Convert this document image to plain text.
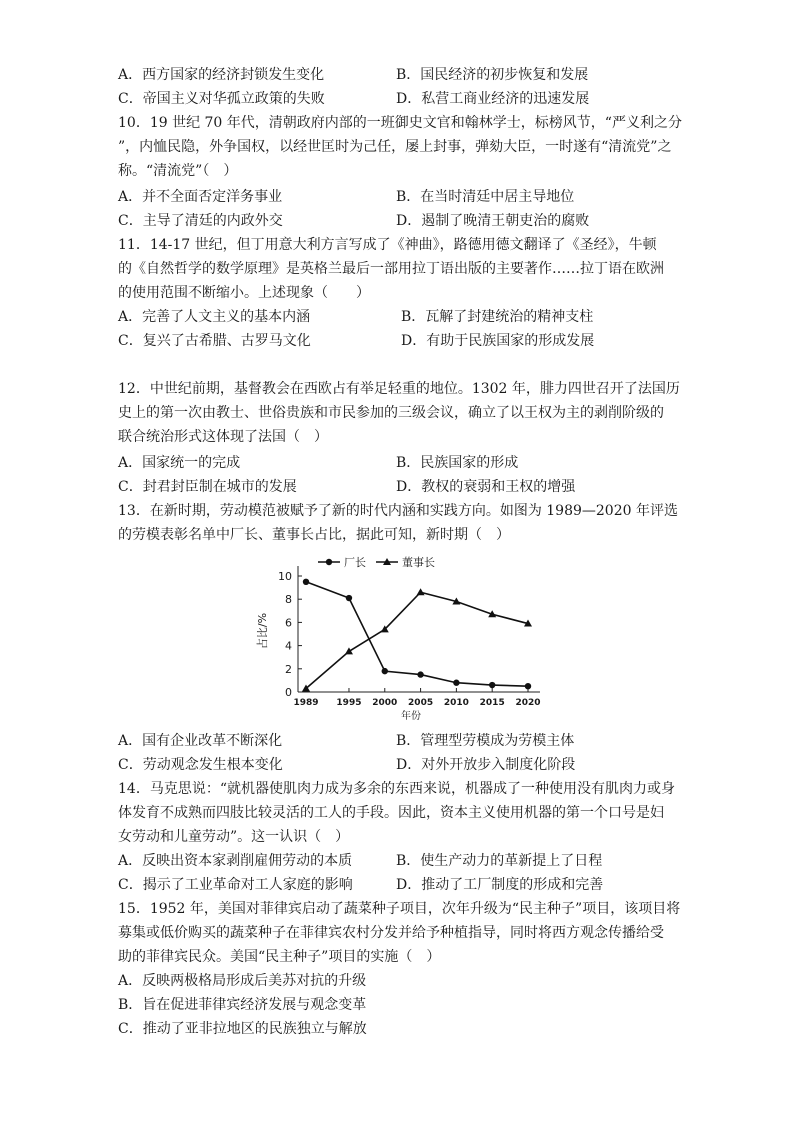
A．西方国家的经济封锁发生变化	B．国民经济的初步恢复和发展
C．帝国主义对华孤立政策的失败	D．私营工商业经济的迅速发展
10．19 世纪 70 年代，清朝政府内部的一班御史文官和翰林学士，标榜风节，“严义利之分
”，内恤民隐，外争国权，以经世匡时为己任，屡上封事，弹劾大臣，一时遂有“清流党”之
称。“清流党”（　）
A．并不全面否定洋务事业	B．在当时清廷中居主导地位
C．主导了清廷的内政外交	D．遏制了晚清王朝吏治的腐败
11．14-17 世纪，但丁用意大利方言写成了《神曲》，路德用德文翻译了《圣经》，牛顿
的《自然哲学的数学原理》是英格兰最后一部用拉丁语出版的主要著作……拉丁语在欧洲
的使用范围不断缩小。上述现象（　　）
A．完善了人文主义的基本内涵	B．瓦解了封建统治的精神支柱
C．复兴了古希腊、古罗马文化	D．有助于民族国家的形成发展
12．中世纪前期，基督教会在西欧占有举足轻重的地位。1302 年，腓力四世召开了法国历
史上的第一次由教士、世俗贵族和市民参加的三级会议，确立了以王权为主的剥削阶级的
联合统治形式这体现了法国（　）
A．国家统一的完成	B．民族国家的形成
C．封君封臣制在城市的发展	D．教权的衰弱和王权的增强
13．在新时期，劳动模范被赋予了新的时代内涵和实践方向。如图为 1989—2020 年评选
的劳模表彰名单中厂长、董事长占比，据此可知，新时期（　）
0
2
4
6
8
10
1989 1995 2000 2005 2010 2015 2020
年份
占比/%
厂长	董事长
A．国有企业改革不断深化	B．管理型劳模成为劳模主体
C．劳动观念发生根本变化	D．对外开放步入制度化阶段
14．马克思说：“就机器使肌肉力成为多余的东西来说，机器成了一种使用没有肌肉力或身
体发育不成熟而四肢比较灵活的工人的手段。因此，资本主义使用机器的第一个口号是妇
女劳动和儿童劳动”。这一认识（　）
A．反映出资本家剥削雇佣劳动的本质	B．使生产动力的革新提上了日程
C．揭示了工业革命对工人家庭的影响	D．推动了工厂制度的形成和完善
15．1952 年，美国对菲律宾启动了蔬菜种子项目，次年升级为“民主种子”项目，该项目将
募集或低价购买的蔬菜种子在菲律宾农村分发并给予种植指导，同时将西方观念传播给受
助的菲律宾民众。美国“民主种子”项目的实施（　）
A．反映两极格局形成后美苏对抗的升级
B．旨在促进菲律宾经济发展与观念变革
C．推动了亚非拉地区的民族独立与解放
